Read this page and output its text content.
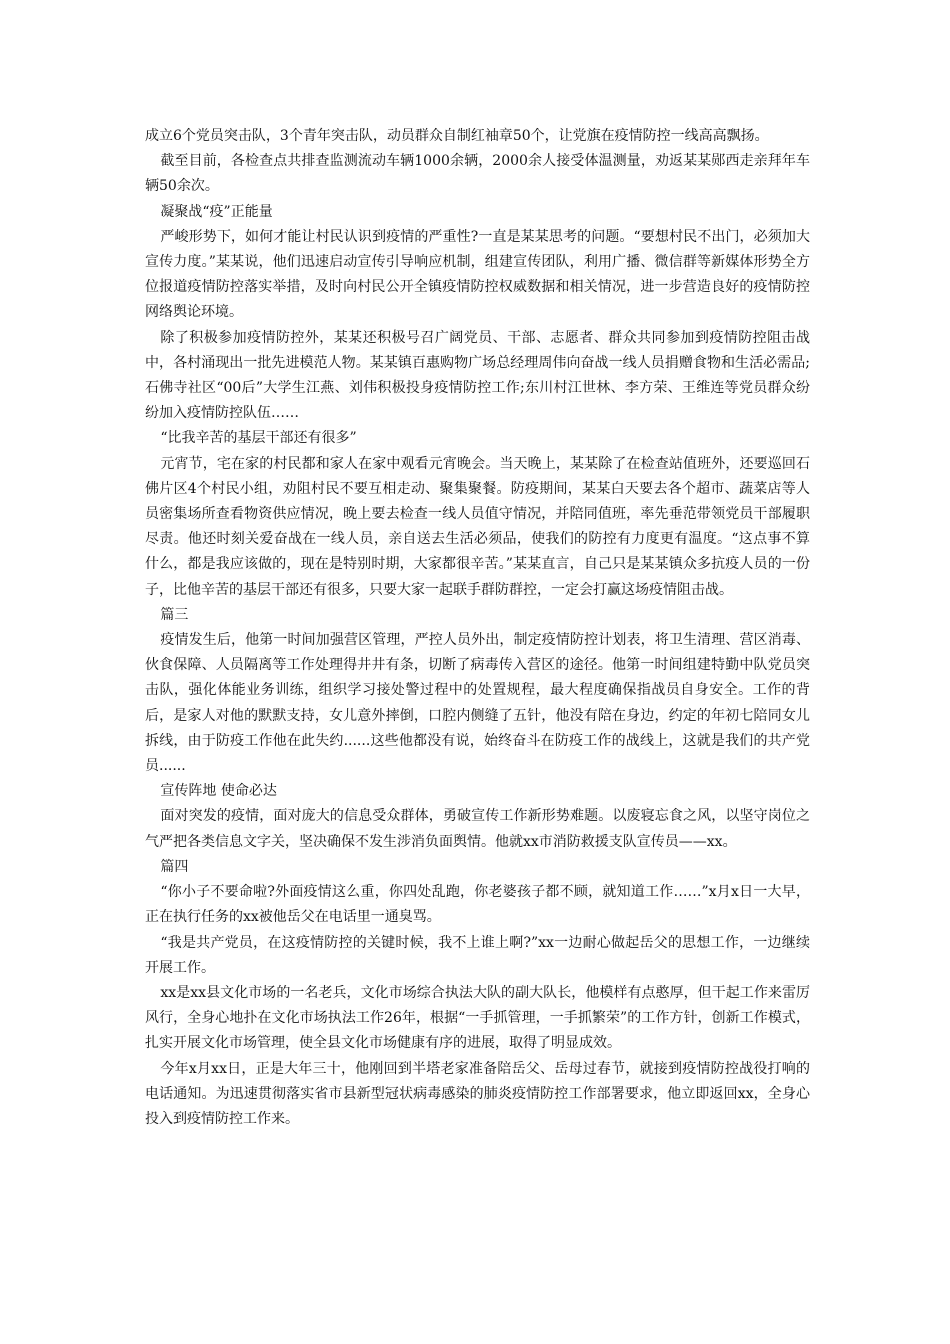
成立6个党员突击队，3个青年突击队，动员群众自制红袖章50个，让党旗在疫情防控一线高高飘扬。

截至目前，各检查点共排查监测流动车辆1000余辆，2000余人接受体温测量，劝返某某郧西走亲拜年车辆50余次。

凝聚战“疫”正能量

严峻形势下，如何才能让村民认识到疫情的严重性?一直是某某思考的问题。“要想村民不出门，必须加大宣传力度。”某某说，他们迅速启动宣传引导响应机制，组建宣传团队，利用广播、微信群等新媒体形势全方位报道疫情防控落实举措，及时向村民公开全镇疫情防控权威数据和相关情况，进一步营造良好的疫情防控网络舆论环境。

除了积极参加疫情防控外，某某还积极号召广阔党员、干部、志愿者、群众共同参加到疫情防控阻击战中，各村涌现出一批先进模范人物。某某镇百惠购物广场总经理周伟向奋战一线人员捐赠食物和生活必需品;石佛寺社区“00后”大学生江燕、刘伟积极投身疫情防控工作;东川村江世林、李方荣、王维连等党员群众纷纷加入疫情防控队伍……

“比我辛苦的基层干部还有很多”

元宵节，宅在家的村民都和家人在家中观看元宵晚会。当天晚上，某某除了在检查站值班外，还要巡回石佛片区4个村民小组，劝阻村民不要互相走动、聚集聚餐。防疫期间，某某白天要去各个超市、蔬菜店等人员密集场所查看物资供应情况，晚上要去检查一线人员值守情况，并陪同值班，率先垂范带领党员干部履职尽责。他还时刻关爱奋战在一线人员，亲自送去生活必须品，使我们的防控有力度更有温度。“这点事不算什么，都是我应该做的，现在是特别时期，大家都很辛苦。”某某直言，自己只是某某镇众多抗疫人员的一份子，比他辛苦的基层干部还有很多，只要大家一起联手群防群控，一定会打赢这场疫情阻击战。

篇三

疫情发生后，他第一时间加强营区管理，严控人员外出，制定疫情防控计划表，将卫生清理、营区消毒、伙食保障、人员隔离等工作处理得井井有条，切断了病毒传入营区的途径。他第一时间组建特勤中队党员突击队，强化体能业务训练，组织学习接处警过程中的处置规程，最大程度确保指战员自身安全。工作的背后，是家人对他的默默支持，女儿意外摔倒，口腔内侧缝了五针，他没有陪在身边，约定的年初七陪同女儿拆线，由于防疫工作他在此失约......这些他都没有说，始终奋斗在防疫工作的战线上，这就是我们的共产党员......

宣传阵地 使命必达

面对突发的疫情，面对庞大的信息受众群体，勇破宣传工作新形势难题。以废寝忘食之风，以坚守岗位之气严把各类信息文字关，坚决确保不发生涉消负面舆情。他就xx市消防救援支队宣传员——xx。

篇四

“你小子不要命啦?外面疫情这么重，你四处乱跑，你老婆孩子都不顾，就知道工作……”x月x日一大早，正在执行任务的xx被他岳父在电话里一通臭骂。

“我是共产党员，在这疫情防控的关键时候，我不上谁上啊?”xx一边耐心做起岳父的思想工作，一边继续开展工作。

xx是xx县文化市场的一名老兵，文化市场综合执法大队的副大队长，他模样有点憨厚，但干起工作来雷厉风行，全身心地扑在文化市场执法工作26年，根据“一手抓管理，一手抓繁荣”的工作方针，创新工作模式，扎实开展文化市场管理，使全县文化市场健康有序的进展，取得了明显成效。

今年x月xx日，正是大年三十，他刚回到半塔老家准备陪岳父、岳母过春节，就接到疫情防控战役打响的电话通知。为迅速贯彻落实省市县新型冠状病毒感染的肺炎疫情防控工作部署要求，他立即返回xx，全身心投入到疫情防控工作来。
